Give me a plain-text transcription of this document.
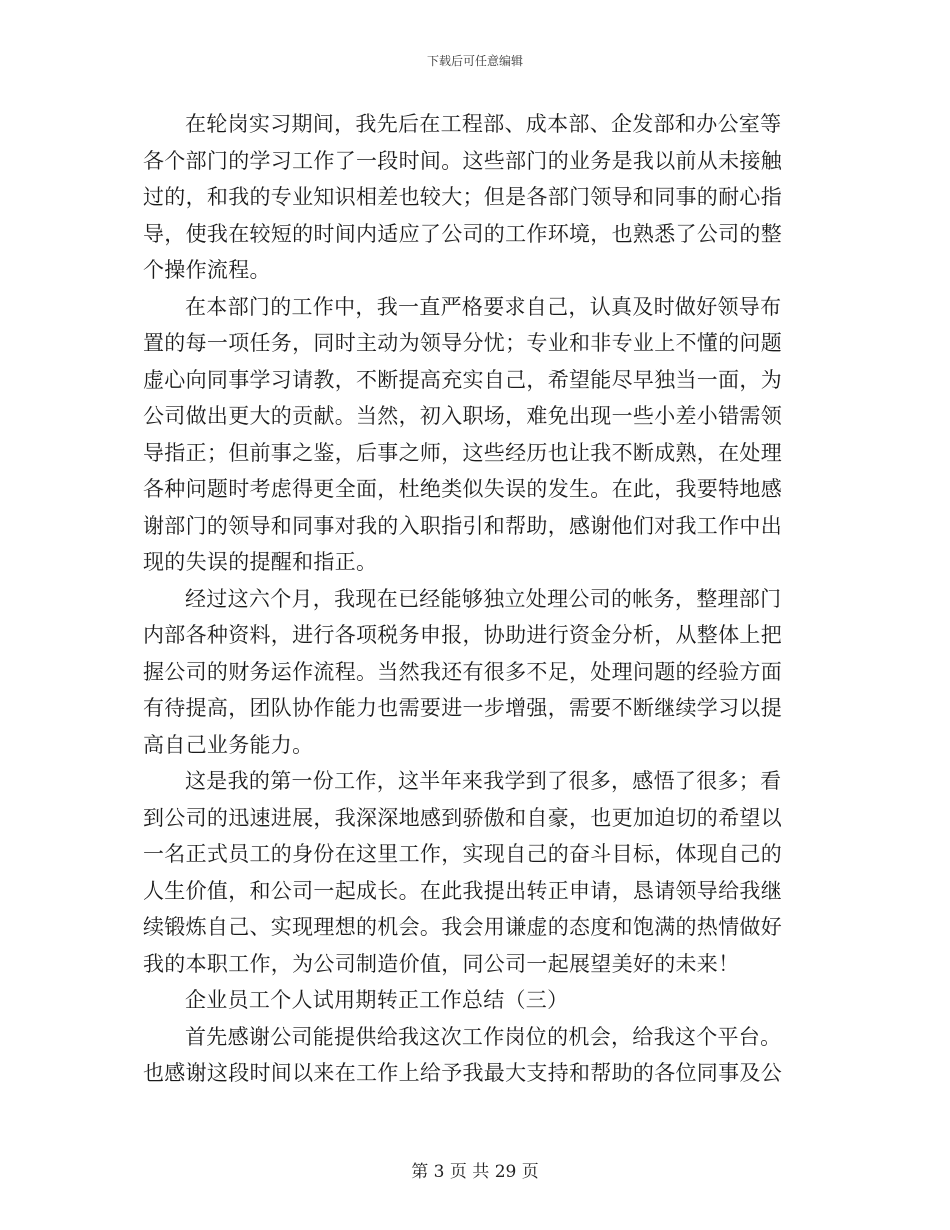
下载后可任意编辑
在轮岗实习期间，我先后在工程部、成本部、企发部和办公室等
各个部门的学习工作了一段时间。这些部门的业务是我以前从未接触
过的，和我的专业知识相差也较大；但是各部门领导和同事的耐心指
导，使我在较短的时间内适应了公司的工作环境，也熟悉了公司的整
个操作流程。
在本部门的工作中，我一直严格要求自己，认真及时做好领导布
置的每一项任务，同时主动为领导分忧；专业和非专业上不懂的问题
虚心向同事学习请教，不断提高充实自己，希望能尽早独当一面，为
公司做出更大的贡献。当然，初入职场，难免出现一些小差小错需领
导指正；但前事之鉴，后事之师，这些经历也让我不断成熟，在处理
各种问题时考虑得更全面，杜绝类似失误的发生。在此，我要特地感
谢部门的领导和同事对我的入职指引和帮助，感谢他们对我工作中出
现的失误的提醒和指正。
经过这六个月，我现在已经能够独立处理公司的帐务，整理部门
内部各种资料，进行各项税务申报，协助进行资金分析，从整体上把
握公司的财务运作流程。当然我还有很多不足，处理问题的经验方面
有待提高，团队协作能力也需要进一步增强，需要不断继续学习以提
高自己业务能力。
这是我的第一份工作，这半年来我学到了很多，感悟了很多；看
到公司的迅速进展，我深深地感到骄傲和自豪，也更加迫切的希望以
一名正式员工的身份在这里工作，实现自己的奋斗目标，体现自己的
人生价值，和公司一起成长。在此我提出转正申请，恳请领导给我继
续锻炼自己、实现理想的机会。我会用谦虚的态度和饱满的热情做好
我的本职工作，为公司制造价值，同公司一起展望美好的未来！
企业员工个人试用期转正工作总结（三）
首先感谢公司能提供给我这次工作岗位的机会，给我这个平台。
也感谢这段时间以来在工作上给予我最大支持和帮助的各位同事及公
第 3 页 共 29 页
